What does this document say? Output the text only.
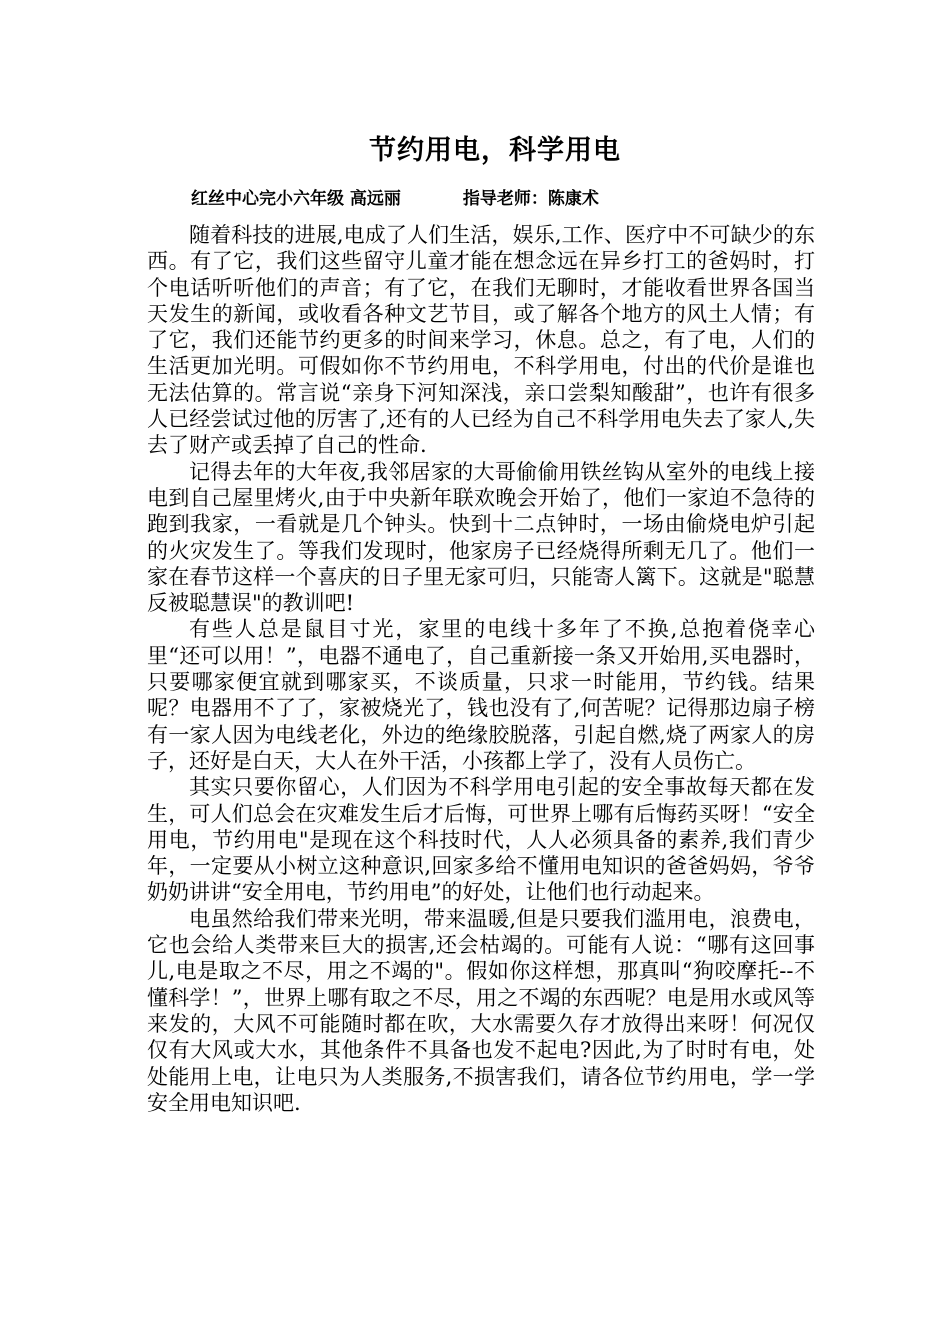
节约用电，科学用电
红丝中心完小六年级 高远丽	指导老师：陈康术

随着科技的进展,电成了人们生活，娱乐,工作、医疗中不可缺少的东西。有了它，我们这些留守儿童才能在想念远在异乡打工的爸妈时，打个电话听听他们的声音；有了它，在我们无聊时，才能收看世界各国当天发生的新闻，或收看各种文艺节目，或了解各个地方的风土人情；有了它，我们还能节约更多的时间来学习，休息。总之，有了电，人们的生活更加光明。可假如你不节约用电，不科学用电，付出的代价是谁也无法估算的。常言说“亲身下河知深浅，亲口尝梨知酸甜”，也许有很多人已经尝试过他的厉害了,还有的人已经为自己不科学用电失去了家人,失去了财产或丢掉了自己的性命.

记得去年的大年夜,我邻居家的大哥偷偷用铁丝钩从室外的电线上接电到自己屋里烤火,由于中央新年联欢晚会开始了，他们一家迫不急待的跑到我家，一看就是几个钟头。快到十二点钟时，一场由偷烧电炉引起的火灾发生了。等我们发现时，他家房子已经烧得所剩无几了。他们一家在春节这样一个喜庆的日子里无家可归，只能寄人篱下。这就是"聪慧反被聪慧误"的教训吧!

有些人总是鼠目寸光，家里的电线十多年了不换,总抱着侥幸心里“还可以用！”，电器不通电了，自己重新接一条又开始用,买电器时，只要哪家便宜就到哪家买，不谈质量，只求一时能用，节约钱。结果呢？电器用不了了，家被烧光了，钱也没有了,何苦呢？记得那边扇子榜有一家人因为电线老化，外边的绝缘胶脱落，引起自燃,烧了两家人的房子，还好是白天，大人在外干活，小孩都上学了，没有人员伤亡。

其实只要你留心，人们因为不科学用电引起的安全事故每天都在发生，可人们总会在灾难发生后才后悔，可世界上哪有后悔药买呀！“安全用电，节约用电"是现在这个科技时代，人人必须具备的素养,我们青少年，一定要从小树立这种意识,回家多给不懂用电知识的爸爸妈妈，爷爷奶奶讲讲“安全用电，节约用电”的好处，让他们也行动起来。

电虽然给我们带来光明，带来温暖,但是只要我们滥用电，浪费电，它也会给人类带来巨大的损害,还会枯竭的。可能有人说：“哪有这回事儿,电是取之不尽，用之不竭的"。假如你这样想，那真叫“狗咬摩托--不懂科学！”，世界上哪有取之不尽，用之不竭的东西呢？电是用水或风等来发的，大风不可能随时都在吹，大水需要久存才放得出来呀！何况仅仅有大风或大水，其他条件不具备也发不起电?因此,为了时时有电，处处能用上电，让电只为人类服务,不损害我们，请各位节约用电，学一学安全用电知识吧.
